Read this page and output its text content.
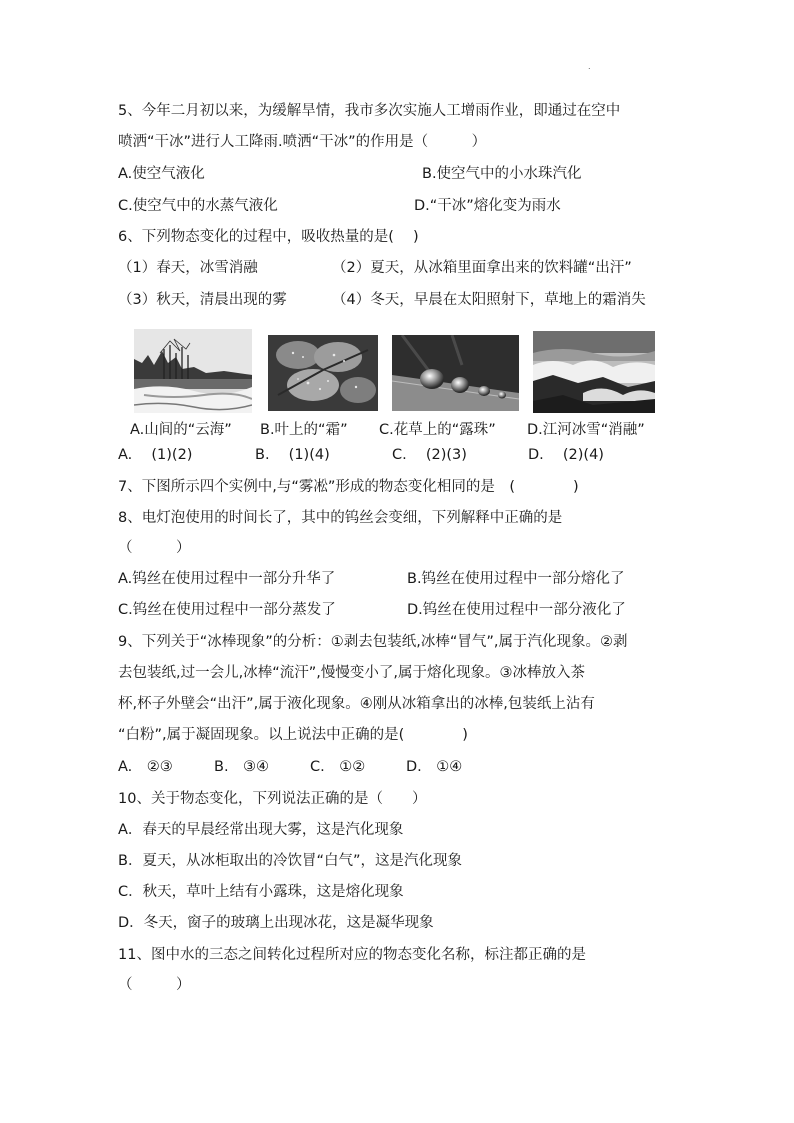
.
5、今年二月初以来，为缓解旱情，我市多次实施人工增雨作业，即通过在空中
喷洒“干冰”进行人工降雨.喷洒“干冰”的作用是（　　　）
A.使空气液化	B.使空气中的小水珠汽化
C.使空气中的水蒸气液化	D.“干冰”熔化变为雨水
6、下列物态变化的过程中，吸收热量的是(　 )
（1）春天，冰雪消融	（2）夏天，从冰箱里面拿出来的饮料罐“出汗”
（3）秋天，清晨出现的雾	（4）冬天，早晨在太阳照射下，草地上的霜消失
A.山间的“云海” B.叶上的“霜” C.花草上的“露珠” D.江河冰雪“消融”
A.　 (1)(2)	B.　 (1)(4)	C.　 (2)(3)	D.　 (2)(4)
7、下图所示四个实例中,与“雾凇”形成的物态变化相同的是　(　　　　)
8、电灯泡使用的时间长了，其中的钨丝会变细，下列解释中正确的是
（　　　）
A.钨丝在使用过程中一部分升华了	B.钨丝在使用过程中一部分熔化了
C.钨丝在使用过程中一部分蒸发了	D.钨丝在使用过程中一部分液化了
9、下列关于“冰棒现象”的分析：①剥去包装纸,冰棒“冒气”,属于汽化现象。②剥
去包装纸,过一会儿,冰棒“流汗”,慢慢变小了,属于熔化现象。③冰棒放入茶
杯,杯子外壁会“出汗”,属于液化现象。④刚从冰箱拿出的冰棒,包装纸上沾有
“白粉”,属于凝固现象。以上说法中正确的是(　　　　)
A.　②③	B.　③④	C.　①②	D.　①④
10、关于物态变化，下列说法正确的是（　　）
A．春天的早晨经常出现大雾，这是汽化现象
B．夏天，从冰柜取出的冷饮冒“白气”，这是汽化现象
C．秋天，草叶上结有小露珠，这是熔化现象
D．冬天，窗子的玻璃上出现冰花，这是凝华现象
11、图中水的三态之间转化过程所对应的物态变化名称，标注都正确的是
（　　　）
